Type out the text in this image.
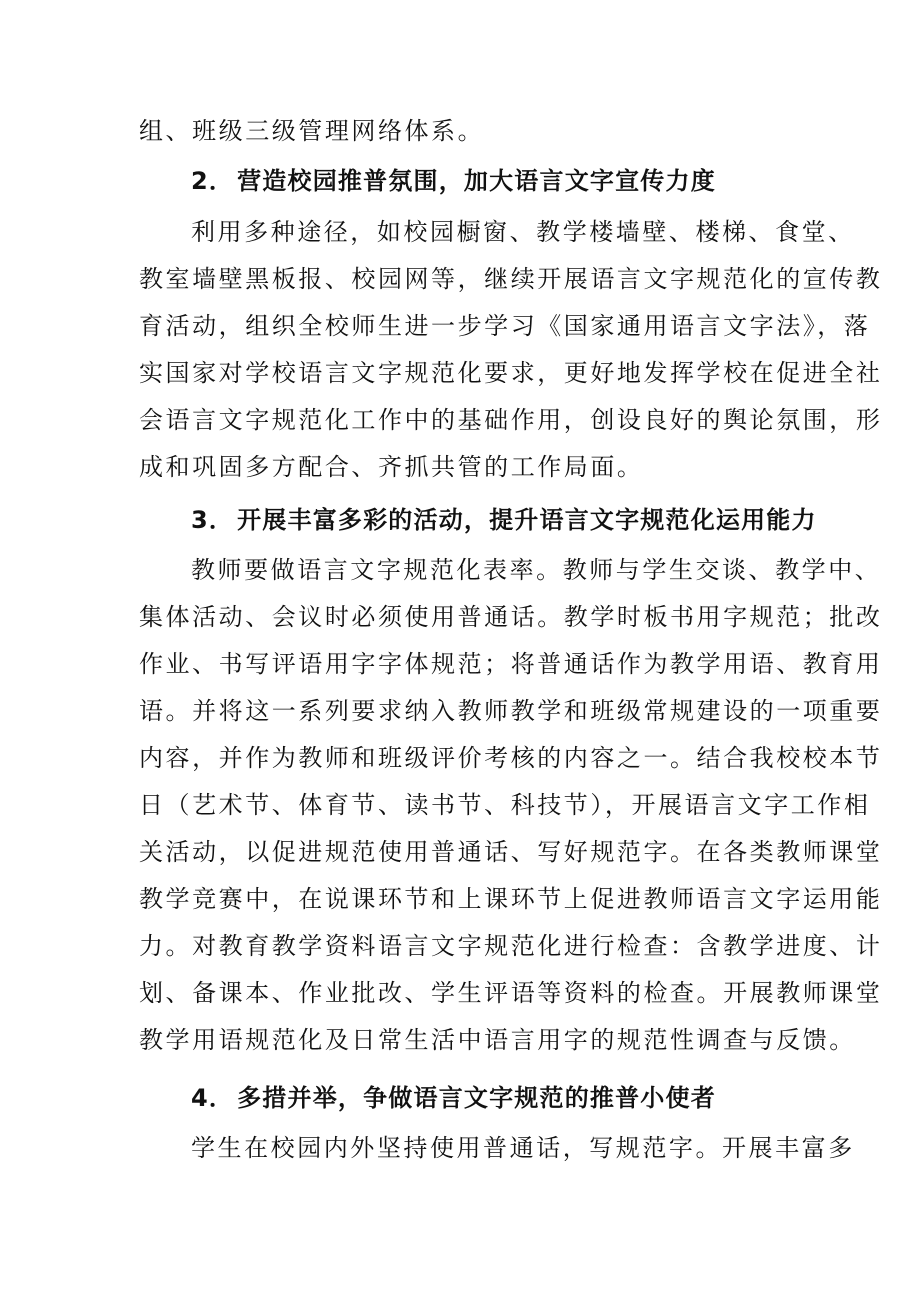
组、班级三级管理网络体系。
2． 营造校园推普氛围，加大语言文字宣传力度
利用多种途径，如校园橱窗、教学楼墙壁、楼梯、食堂、
教室墙壁黑板报、校园网等，继续开展语言文字规范化的宣传教
育活动，组织全校师生进一步学习《国家通用语言文字法》，落
实国家对学校语言文字规范化要求，更好地发挥学校在促进全社
会语言文字规范化工作中的基础作用，创设良好的舆论氛围，形
成和巩固多方配合、齐抓共管的工作局面。
3． 开展丰富多彩的活动，提升语言文字规范化运用能力
教师要做语言文字规范化表率。教师与学生交谈、教学中、
集体活动、会议时必须使用普通话。教学时板书用字规范；批改
作业、书写评语用字字体规范；将普通话作为教学用语、教育用
语。并将这一系列要求纳入教师教学和班级常规建设的一项重要
内容，并作为教师和班级评价考核的内容之一。结合我校校本节
日（艺术节、体育节、读书节、科技节），开展语言文字工作相
关活动，以促进规范使用普通话、写好规范字。在各类教师课堂
教学竞赛中，在说课环节和上课环节上促进教师语言文字运用能
力。对教育教学资料语言文字规范化进行检查：含教学进度、计
划、备课本、作业批改、学生评语等资料的检查。开展教师课堂
教学用语规范化及日常生活中语言用字的规范性调查与反馈。
4． 多措并举，争做语言文字规范的推普小使者
学生在校园内外坚持使用普通话，写规范字。开展丰富多
